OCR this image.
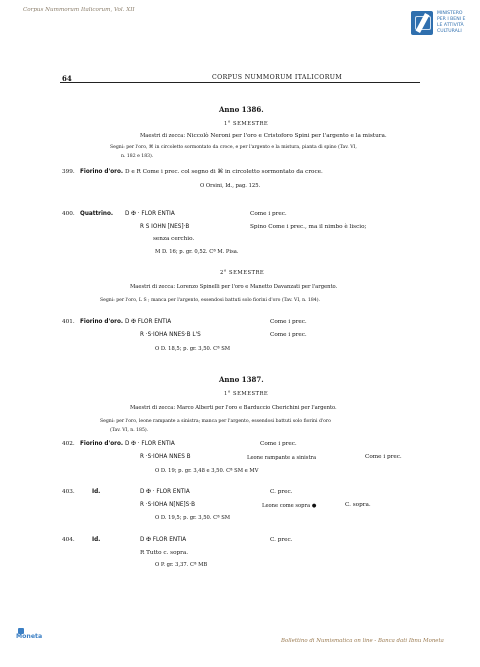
Corpus Nummorum Italicorum, Vol. XII
MINISTERO
PER I BENI E
LE ATTIVITÀ
CULTURALI
64	CORPUS NUMMORUM ITALICORUM
Anno 1386.
1° SEMESTRE
Maestri di zecca: Niccolò Neroni per l'oro e Cristoforo Spini per l'argento e la mistura.
Segni: per l'oro, ⌘ in circoletto sormontato da croce, e per l'argento e la mistura, pianta di spino (Tav. VI,
n. 182 e 183).
399. Fiorino d'oro. D e R Come i prec. col segno di ⌘ in circoletto sormontato da croce.
O Orsini, Id., pag. 125.
400. Quattrino. D ✠ · FLOR ENTIA	Come i prec.
R S IOHN [NES]·B	Spino Come i prec., ma il nimbo è liscio;
senza cerchio.
M D. 16; p. gr. 0,52. Cª M. Pisa.
2° SEMESTRE
Maestri di zecca: Lorenzo Spinelli per l'oro e Manetto Davanzati per l'argento.
Segni: per l'oro, L S ; manca per l'argento, essendosi battuti solo fiorini d'oro (Tav. VI, n. 184).
401. Fiorino d'oro. D ✠ FLOR ENTIA	Come i prec.
R ·S·IOHA NNES·B L'S	Come i prec.
O D. 18,5; p. gr. 3,50. Cª SM
Anno 1387.
1° SEMESTRE
Maestri di zecca: Marco Alberti per l'oro e Barduccio Cherichini per l'argento.
Segni: per l'oro, leone rampante a sinistra; manca per l'argento, essendosi battuti solo fiorini d'oro
(Tav. VI, n. 185).
402. Fiorino d'oro. D ✠ · FLOR ENTIA	Come i prec.
R ·S·IOHA NNES B	Leone rampante a sinistra	Come i prec.
O D. 19; p. gr. 3,48 e 3,50. Cª SM e MV
403.	Id.	D ✠ · FLOR ENTIA	C. prec.
R ·S·IOHA N[NE]S·B	Leone come sopra ●	C. sopra.
O D. 19,5; p. gr. 3,50. Cª SM
404.	Id.	D ✠ FLOR ENTIA	C. prec.
R Tutto c. sopra.
O P. gr. 3,37. Cª MB
Moneta
Bollettino di Numismatica on line - Banca dati Ibnu Moneta
